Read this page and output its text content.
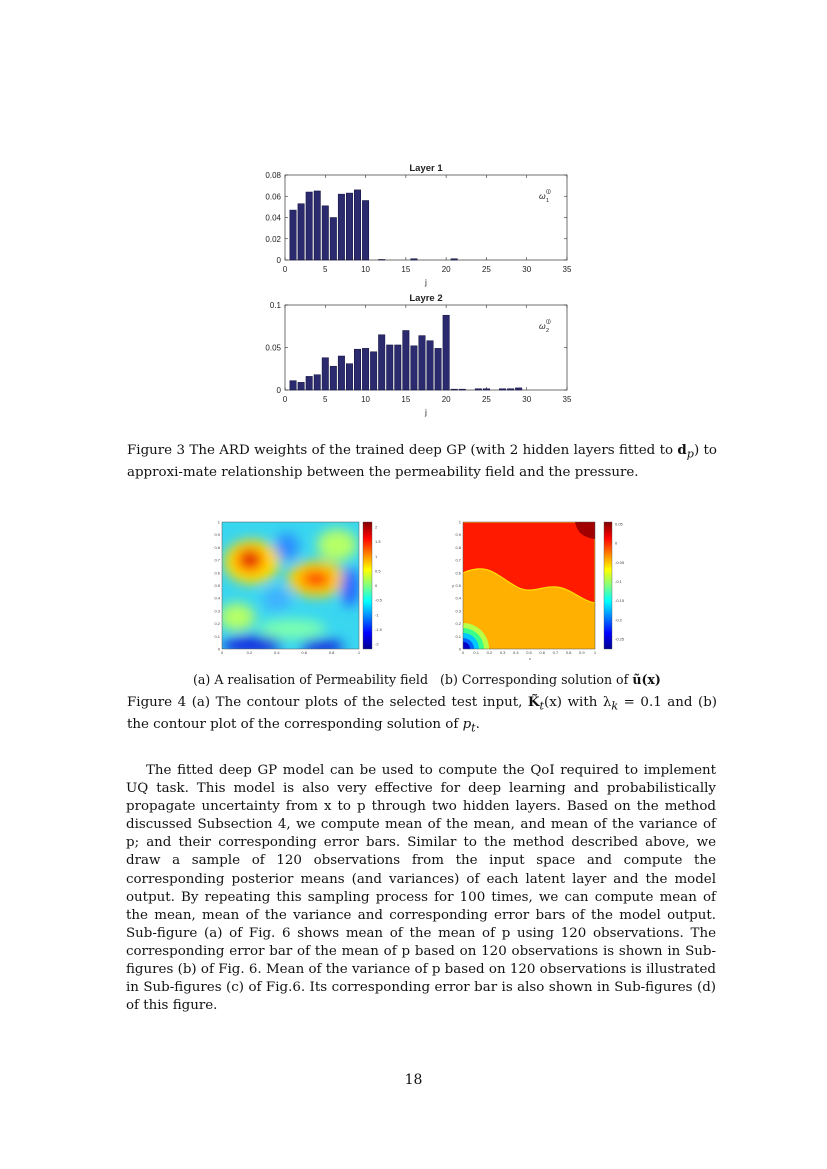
Layer 1
0
0.02
0.04
0.06
0.08
0	5	10	15	20	25	30	35
j
ω (j)
1
Layre 2
0
0.05
0.1
0	5	10	15	20	25	30	35
j
ω (j)
2
Figure 3 The ARD weights of the trained deep GP (with 2 hidden layers fitted to $d_p$) to approxi-mate relationship between the permeability field and the pressure.
1
0.9
0.8
0.7
0.6
0.5
0.4
0.3
0.2
0.1
0
0	0.2	0.4	0.6	0.8	1
2
1.5
1
0.5
0
-0.5
-1
-1.5
-2
1
0.9
0.8
0.7
0.6
0.5
0.4
0.3
0.2
0.1
0
0 0.1 0.2 0.3 0.4 0.5 0.6 0.7 0.8 0.9 1
x
y
0.05
0
-0.05
-0.1
-0.15
-0.2
-0.25
(a) A realisation of Permeability field (b) Corresponding solution of ũ(x)
Figure 4 (a) The contour plots of the selected test input, $K̃_t(x)$ with $\lambda_k = 0.1$ and (b) the contour plot of the corresponding solution of $p_t$.

The fitted deep GP model can be used to compute the QoI required to implement UQ task. This model is also very effective for deep learning and probabilistically propagate uncertainty from x to p through two hidden layers. Based on the method discussed Subsection 4, we compute mean of the mean, and mean of the variance of p; and their corresponding error bars. Similar to the method described above, we draw a sample of 120 observations from the input space and compute the corresponding posterior means (and variances) of each latent layer and the model output. By repeating this sampling process for 100 times, we can compute mean of the mean, mean of the variance and corresponding error bars of the model output. Sub-figure (a) of Fig. 6 shows mean of the mean of p using 120 observations. The corresponding error bar of the mean of p based on 120 observations is shown in Sub-figures (b) of Fig. 6. Mean of the variance of p based on 120 observations is illustrated in Sub-figures (c) of Fig.6. Its corresponding error bar is also shown in Sub-figures (d) of this figure.

18
